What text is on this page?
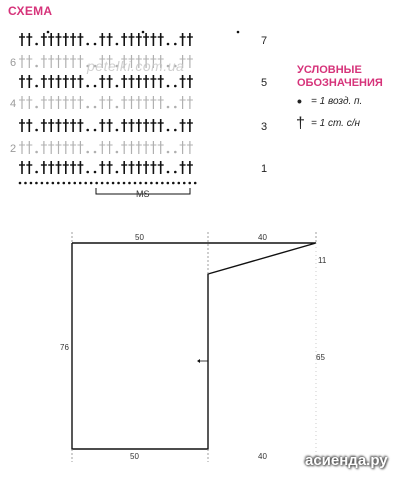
7
5
3
1
6
4
2
MS
50	40
11
76
65
50	40
СХЕМА
petelki.com.ua	УСЛОВНЫЕ ОБОЗНАЧЕНИЯ
• = 1 возд. п.
† = 1 ст. с/н
асиенда.ру
